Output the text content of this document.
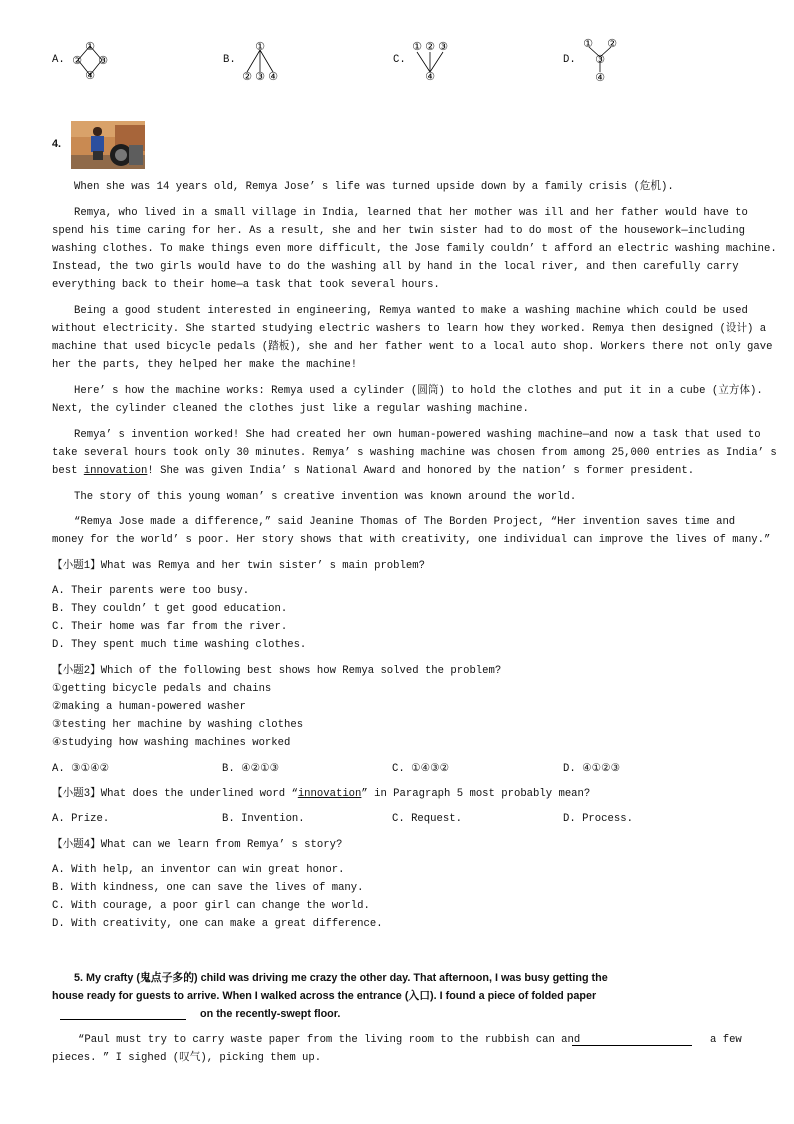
A.
①
② ③
④
B.
①
② ③ ④
C.
① ② ③
④
D.
① ②
③
④
4.
When she was 14 years old, Remya Jose’ s life was turned upside down by a family crisis (危机).
Remya, who lived in a small village in India, learned that her mother was ill and her father would have to
spend his time caring for her. As a result, she and her twin sister had to do most of the housework—including
washing clothes. To make things even more difficult, the Jose family couldn’ t afford an electric washing machine.
Instead, the two girls would have to do the washing all by hand in the local river, and then carefully carry
everything back to their home—a task that took several hours.
Being a good student interested in engineering, Remya wanted to make a washing machine which could be used
without electricity. She started studying electric washers to learn how they worked. Remya then designed (设计) a
machine that used bicycle pedals (踏板), she and her father went to a local auto shop. Workers there not only gave
her the parts, they helped her make the machine!
Here’ s how the machine works: Remya used a cylinder (圆筒) to hold the clothes and put it in a cube (立方体).
Next, the cylinder cleaned the clothes just like a regular washing machine.
Remya’ s invention worked! She had created her own human-powered washing machine—and now a task that used to
take several hours took only 30 minutes. Remya’ s washing machine was chosen from among 25,000 entries as India’ s
best innovation! She was given India’ s National Award and honored by the nation’ s former president.
The story of this young woman’ s creative invention was known around the world.
“Remya Jose made a difference,” said Jeanine Thomas of The Borden Project, “Her invention saves time and
money for the world’ s poor. Her story shows that with creativity, one individual can improve the lives of many.”
【小题1】What was Remya and her twin sister’ s main problem?
A. Their parents were too busy.
B. They couldn’ t get good education.
C. Their home was far from the river.
D. They spent much time washing clothes.
【小题2】Which of the following best shows how Remya solved the problem?
①getting bicycle pedals and chains
②making a human-powered washer
③testing her machine by washing clothes
④studying how washing machines worked
A. ③①④②	B. ④②①③	C. ①④③②	D. ④①②③
【小题3】What does the underlined word “innovation” in Paragraph 5 most probably mean?
A. Prize.	B. Invention.	C. Request.	D. Process.
【小题4】What can we learn from Remya’ s story?
A. With help, an inventor can win great honor.
B. With kindness, one can save the lives of many.
C. With courage, a poor girl can change the world.
D. With creativity, one can make a great difference.
5. My crafty (鬼点子多的) child was driving me crazy the other day. That afternoon, I was busy getting the
house ready for guests to arrive. When I walked across the entrance (入口). I found a piece of folded paper
on the recently-swept floor.
“Paul must try to carry waste paper from the living room to the rubbish can and	a few
pieces. ” I sighed (叹气), picking them up.
